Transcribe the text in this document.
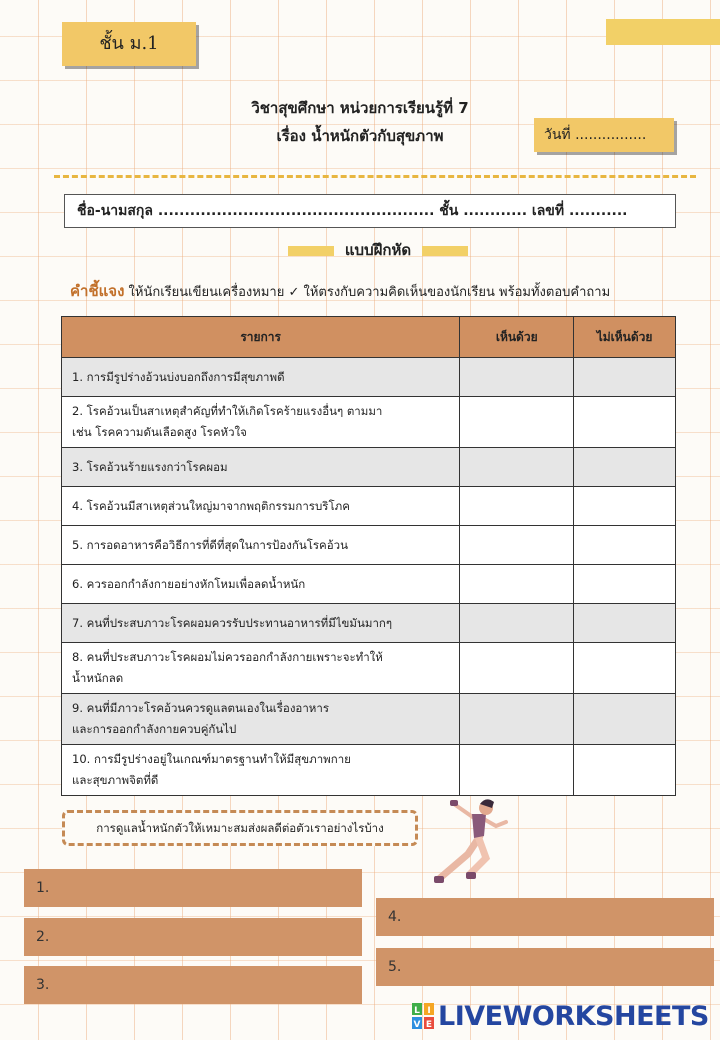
ชั้น ม.1
วิชาสุขศึกษา หน่วยการเรียนรู้ที่ 7
เรื่อง น้ำหนักตัวกับสุขภาพ	วันที่ ................
ชื่อ-นามสกุล .................................................... ชั้น ............ เลขที่ ...........
แบบฝึกหัด
คำชี้แจง ให้นักเรียนเขียนเครื่องหมาย ✓ ให้ตรงกับความคิดเห็นของนักเรียน พร้อมทั้งตอบคำถาม
รายการ	เห็นด้วย	ไม่เห็นด้วย
1. การมีรูปร่างอ้วนบ่งบอกถึงการมีสุขภาพดี		

2. โรคอ้วนเป็นสาเหตุสำคัญที่ทำให้เกิดโรคร้ายแรงอื่นๆ ตามมา
เช่น โรคความดันเลือดสูง โรคหัวใจ		

3. โรคอ้วนร้ายแรงกว่าโรคผอม		
4. โรคอ้วนมีสาเหตุส่วนใหญ่มาจากพฤติกรรมการบริโภค		
5. การอดอาหารคือวิธีการที่ดีที่สุดในการป้องกันโรคอ้วน		
6. ควรออกกำลังกายอย่างหักโหมเพื่อลดน้ำหนัก		
7. คนที่ประสบภาวะโรคผอมควรรับประทานอาหารที่มีไขมันมากๆ		

8. คนที่ประสบภาวะโรคผอมไม่ควรออกกำลังกายเพราะจะทำให้
น้ำหนักลด		

9. คนที่มีภาวะโรคอ้วนควรดูแลตนเองในเรื่องอาหาร
และการออกกำลังกายควบคู่กันไป		

10. การมีรูปร่างอยู่ในเกณฑ์มาตรฐานทำให้มีสุขภาพกาย
และสุขภาพจิตที่ดี		

การดูแลน้ำหนักตัวให้เหมาะสมส่งผลดีต่อตัวเราอย่างไรบ้าง
1.
2.
3.
4.
5.
L I
V E LIVEWORKSHEETS
